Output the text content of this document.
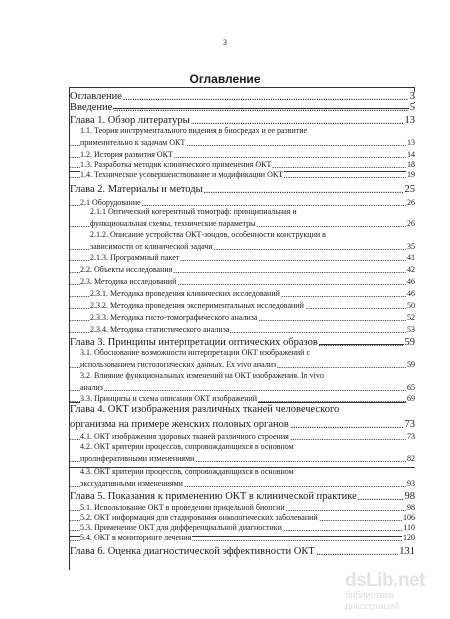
3
Оглавление
.....
Оглавление	3
.....
Введение	5
.....
Глава 1. Обзор литературы	13
1.1. Теория инструментального видения в биосредах и ее развитие
.....
применительно к задачам ОКТ	13
.....
1.2. История развития ОКТ	14
.....
1.3. Разработка методик клинического применения ОКТ	18
.....
1.4. Техническое усовершенствование и модификации ОКТ	19
.....
Глава 2. Материалы и методы	25
.....
2.1 Оборудование	26
2.1.1 Оптический когерентный томограф: принципиальная и
.....
функциональная схемы, технические параметры	26
2.1.2. Описание устройства ОКТ-зондов, особенности конструкции в
.....
зависимости от клинической задачи	35
.....
2.1.3. Программный пакет	41
.....
2.2. Объекты исследования	42
.....
2.3. Методика исследований	46
.....
2.3.1. Методика проведения клинических исследований	46
.....
2.3.2. Методика проведения экспериментальных исследований	50
.....
2.3.3. Методика гисто-томографического анализа	52
.....
2.3.4. Методика статистического анализа	53
.....
Глава 3. Принципы интерпретации оптических образов	59
3.1. Обоснование возможности интерпретации ОКТ изображений с
.....
использованием гистологических данных. Ex vivo анализ	59
3.2. Влияние функциональных изменений на ОКТ изображения. In vivo
.....
анализ	65
.....
3.3. Принципы и схема описания ОКТ изображений	69
Глава 4. ОКТ изображения различных тканей человеческого
.....
организма на примере женских половых органов	73
.....
4.1. ОКТ изображения здоровых тканей различного строения	73
4.2. ОКТ критерии процессов, сопровождающихся в основном
.....
пролиферативными изменениями	82
4.3. ОКТ критерии процессов, сопровождающихся в основном
.....
экссудативными изменениями	93
.....
Глава 5. Показания к применению ОКТ в клинической практике	98
.....
5.1. Использование ОКТ в проведении прицельной биопсии	98
.....
5.2. ОКТ информация для стадирования онкологических заболеваний	106
.....
5.3. Применение ОКТ для дифференциальной диагностики	110
.....
5.4. ОКТ в мониторинге лечения	120
.....
Глава 6. Оценка диагностической эффективности ОКТ	131
dsLib.net
библиотека диссертаций
